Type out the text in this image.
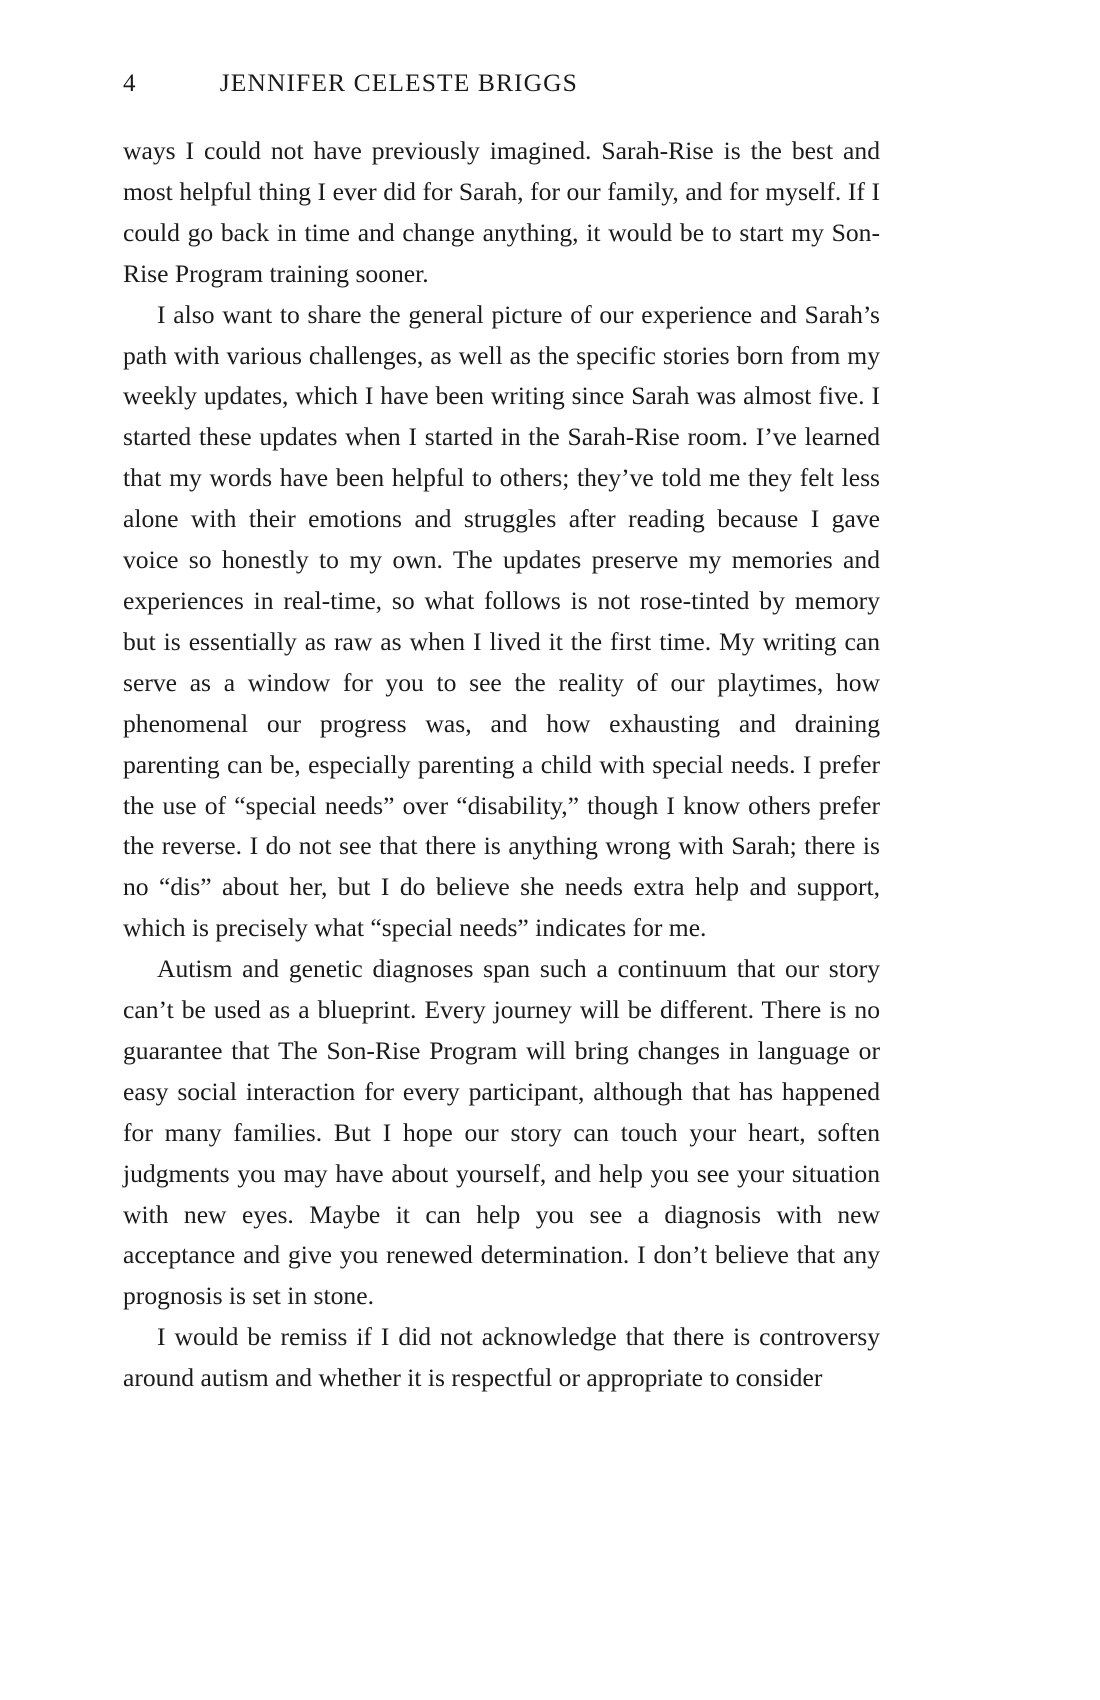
4	JENNIFER CELESTE BRIGGS

ways I could not have previously imagined. Sarah-Rise is the best and most helpful thing I ever did for Sarah, for our family, and for myself. If I could go back in time and change anything, it would be to start my Son-Rise Program training sooner.

I also want to share the general picture of our experience and Sarah’s path with various challenges, as well as the specific stories born from my weekly updates, which I have been writing since Sarah was almost five. I started these updates when I started in the Sarah-Rise room. I’ve learned that my words have been helpful to others; they’ve told me they felt less alone with their emotions and struggles after reading because I gave voice so honestly to my own. The updates preserve my memories and experiences in real-time, so what follows is not rose-tinted by memory but is essentially as raw as when I lived it the first time. My writing can serve as a window for you to see the reality of our playtimes, how phenomenal our progress was, and how exhausting and draining parenting can be, especially parenting a child with special needs. I prefer the use of “special needs” over “disability,” though I know others prefer the reverse. I do not see that there is anything wrong with Sarah; there is no “dis” about her, but I do believe she needs extra help and support, which is precisely what “special needs” indicates for me.

Autism and genetic diagnoses span such a continuum that our story can’t be used as a blueprint. Every journey will be different. There is no guarantee that The Son-Rise Program will bring changes in language or easy social interaction for every participant, although that has happened for many families. But I hope our story can touch your heart, soften judgments you may have about yourself, and help you see your situation with new eyes. Maybe it can help you see a diagnosis with new acceptance and give you renewed determination. I don’t believe that any prognosis is set in stone.

I would be remiss if I did not acknowledge that there is controversy around autism and whether it is respectful or appropriate to consider
